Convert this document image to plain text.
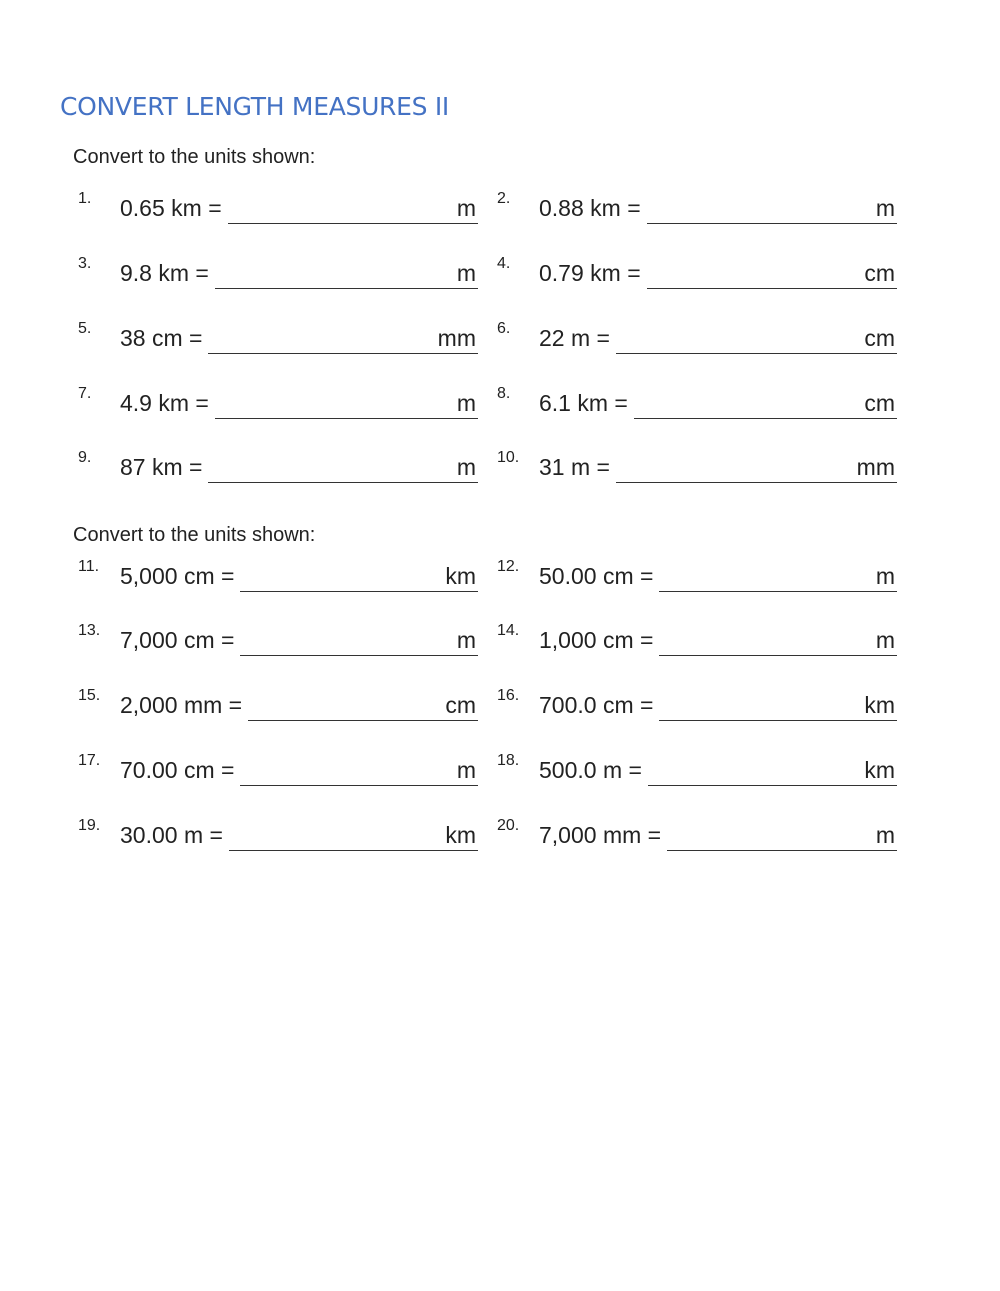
CONVERT LENGTH MEASURES II
Convert to the units shown:
Convert to the units shown:
1. 0.65 km =	m 2. 0.88 km =	m
3. 9.8 km =	m 4. 0.79 km =	cm
5. 38 cm =	mm 6. 22 m =	cm
7. 4.9 km =	m 8. 6.1 km =	cm
9. 87 km =	m 10. 31 m =	mm
11. 5,000 cm =	km 12. 50.00 cm =	m
13. 7,000 cm =	m 14. 1,000 cm =	m
15. 2,000 mm =	cm 16. 700.0 cm =	km
17. 70.00 cm =	m 18. 500.0 m =	km
19. 30.00 m =	km 20. 7,000 mm =	m
